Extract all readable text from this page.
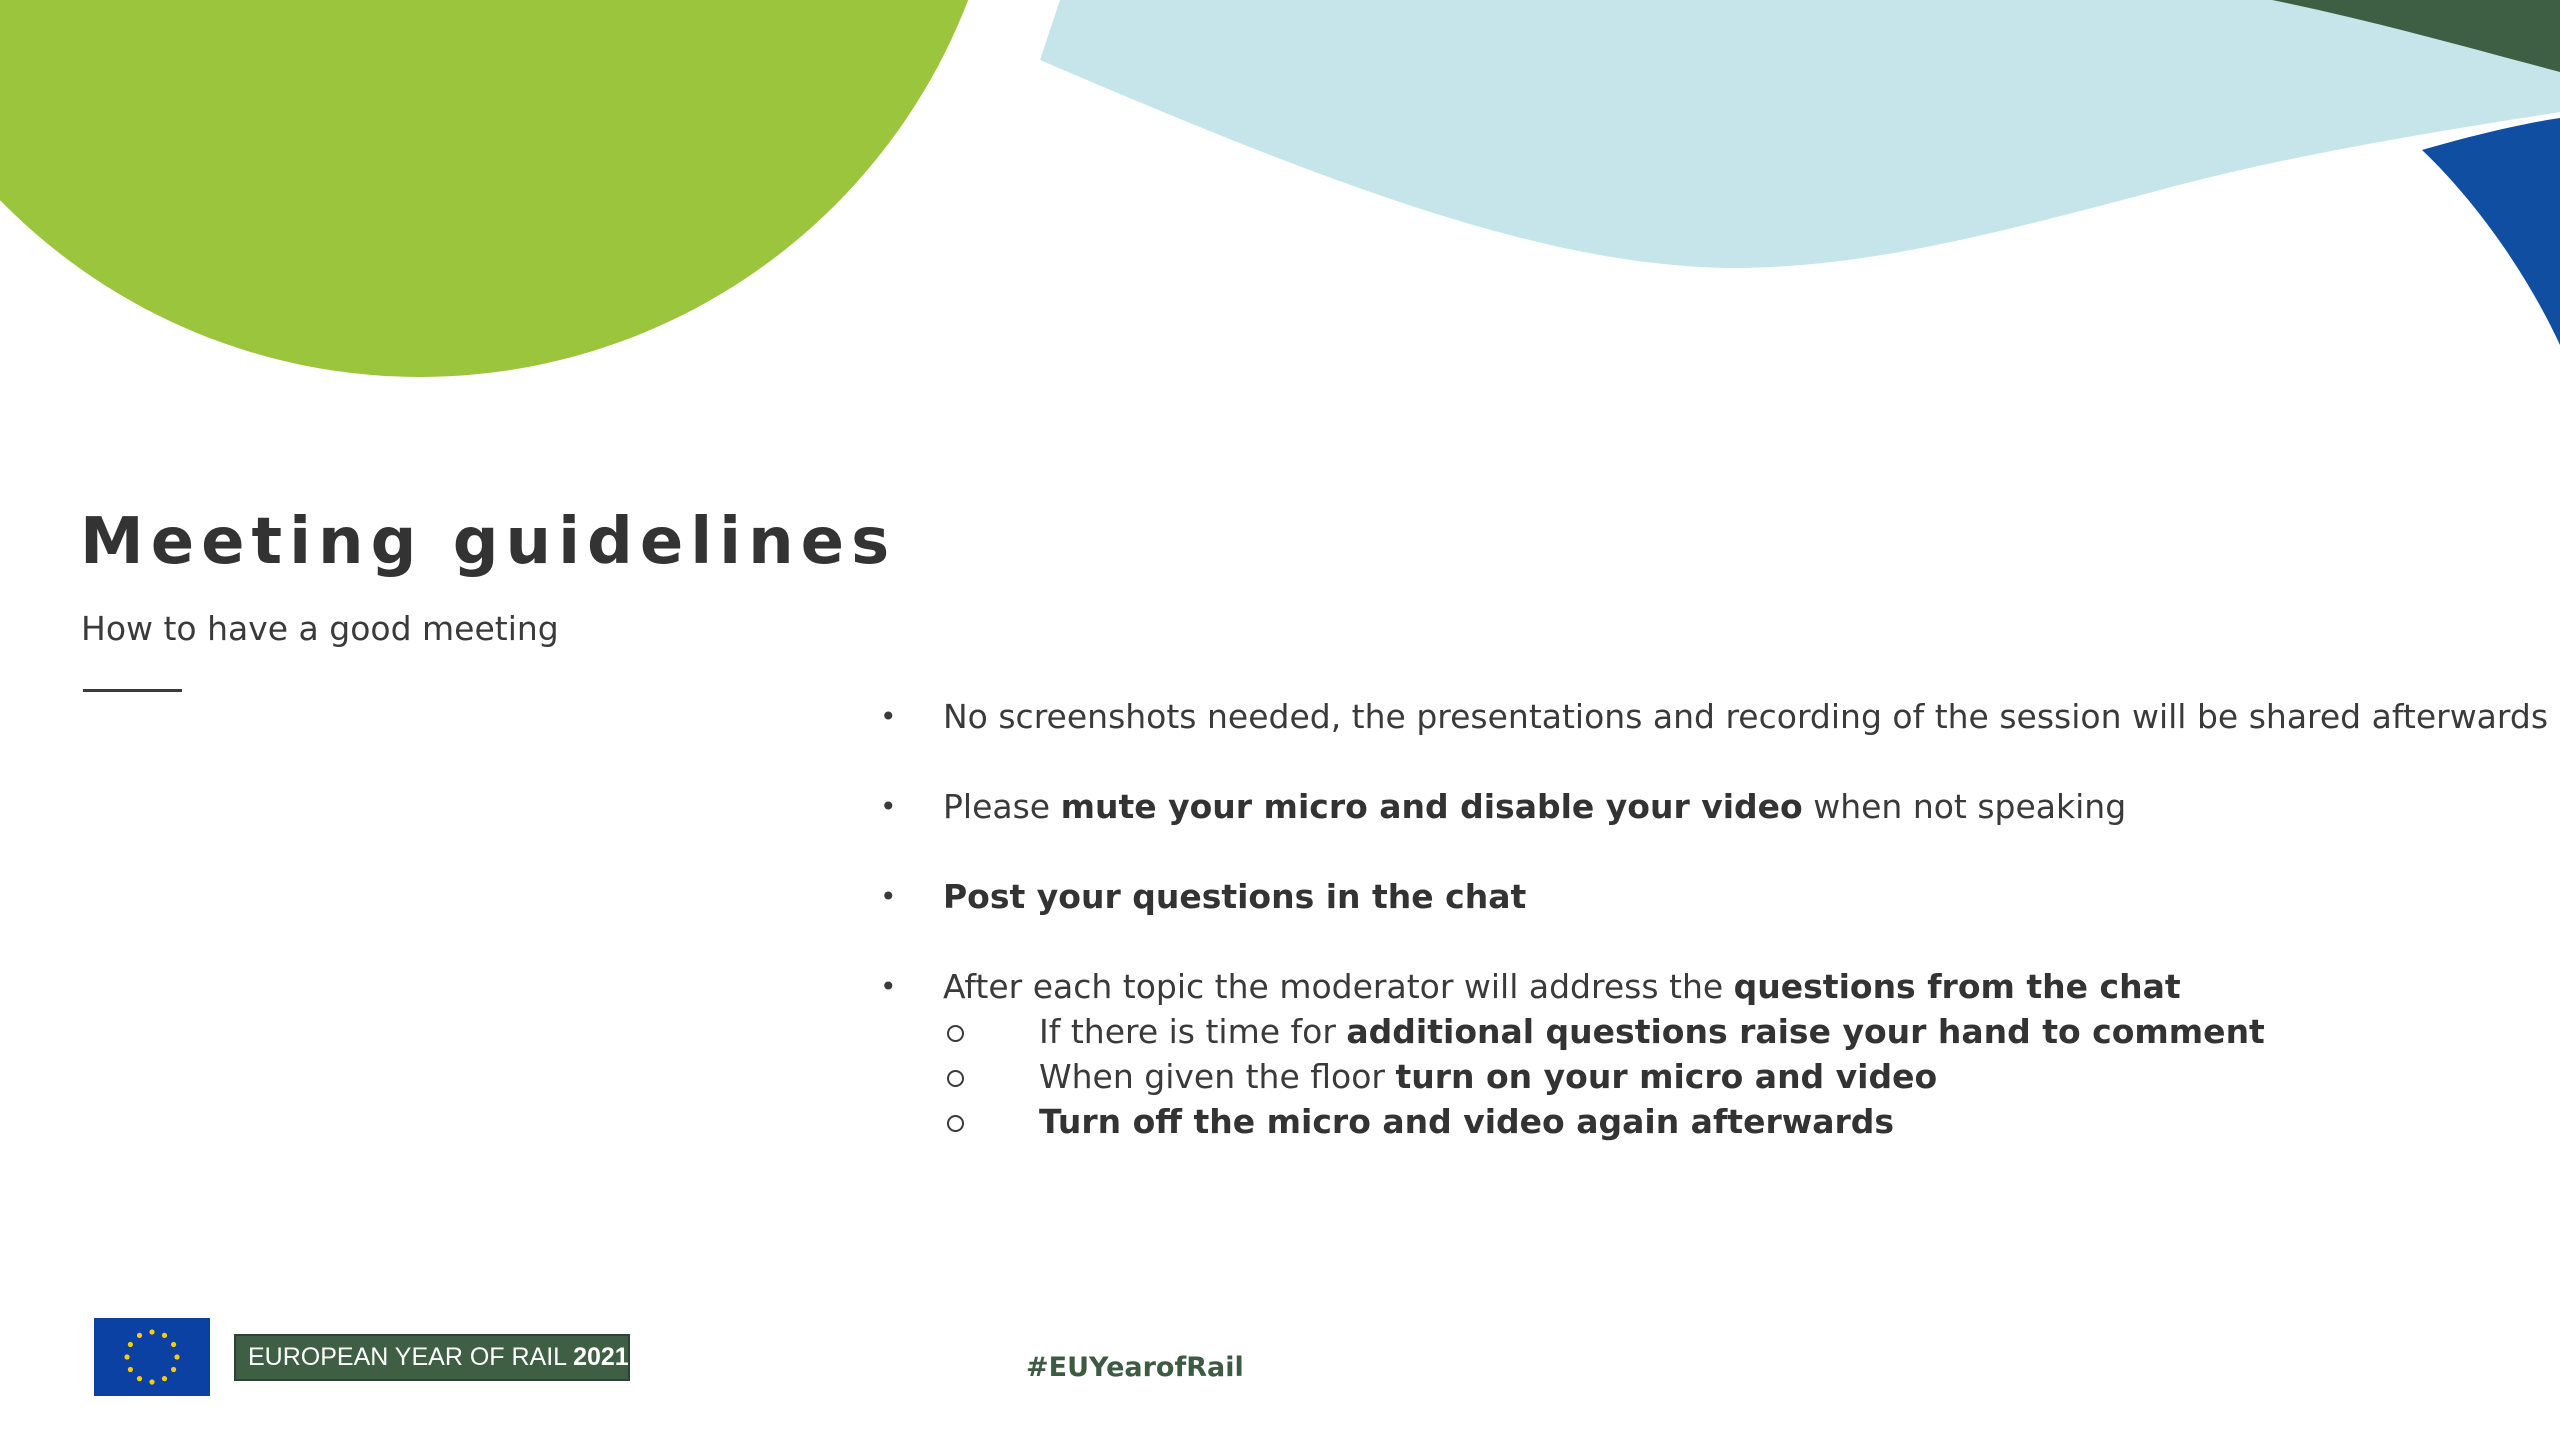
Meeting guidelines
How to have a good meeting
• No screenshots needed, the presentations and recording of the session will be shared afterwards
• Please mute your micro and disable your video when not speaking
• Post your questions in the chat
• After each topic the moderator will address the questions from the chat
If there is time for additional questions raise your hand to comment
When given the floor turn on your micro and video
Turn off the micro and video again afterwards
EUROPEAN YEAR OF RAIL 2021	#EUYearofRail
